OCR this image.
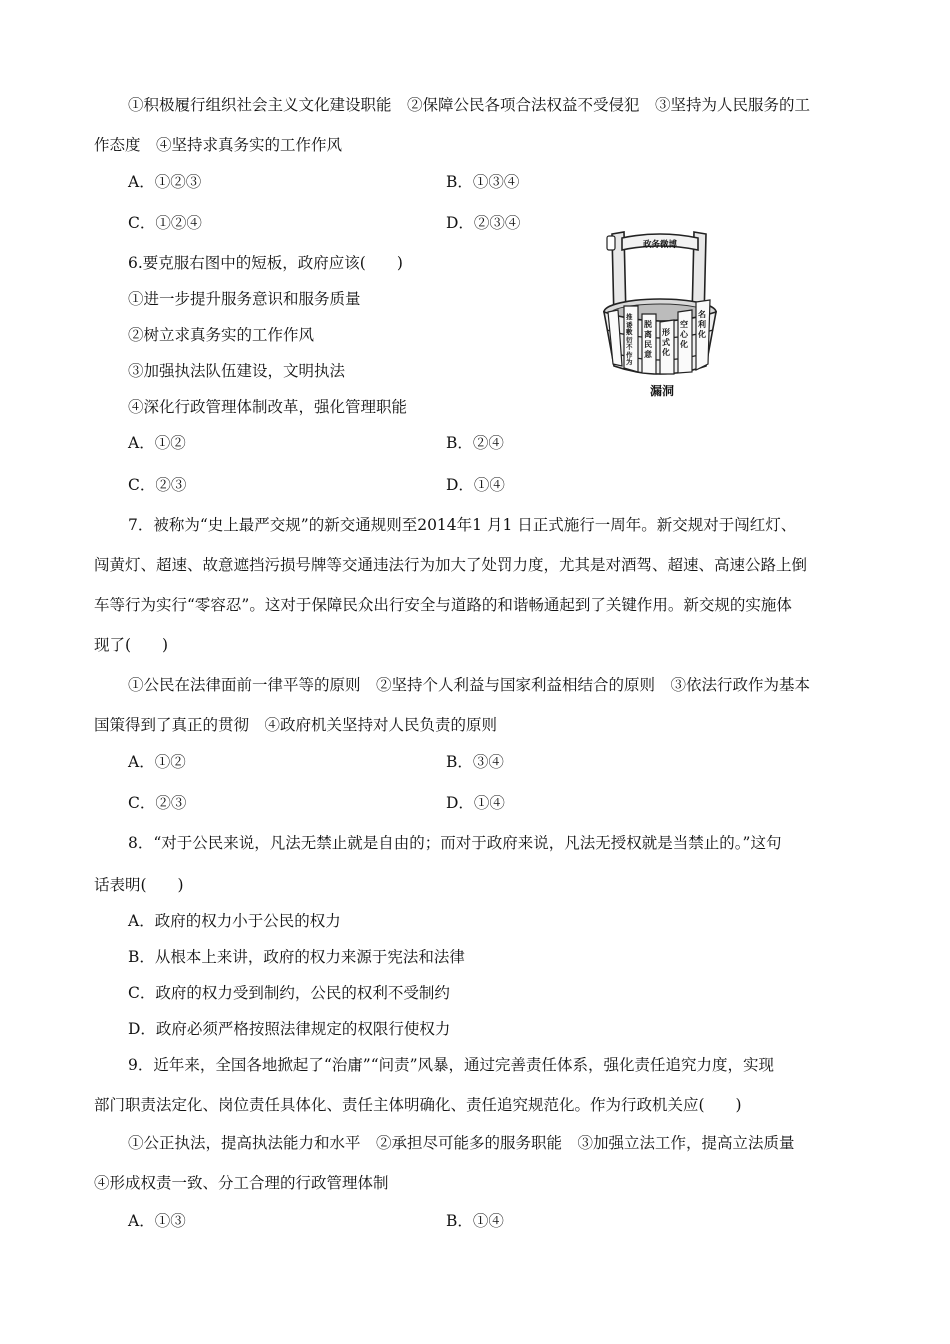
①积极履行组织社会主义文化建设职能　②保障公民各项合法权益不受侵犯　③坚持为人民服务的工
作态度　④坚持求真务实的工作作风
A．①②③	B．①③④
C．①②④	D．②③④
6.要克服右图中的短板，政府应该(　　)
①进一步提升服务意识和服务质量
②树立求真务实的工作作风
③加强执法队伍建设，文明执法
④深化行政管理体制改革，强化管理职能
A．①②	B．②④
C．②③	D．①④
政务微博
推诿敷衍不作为
脱离民意
形式化
空心化
名利化
漏洞
7．被称为“史上最严交规”的新交通规则至2014年1 月1 日正式施行一周年。新交规对于闯红灯、
闯黄灯、超速、故意遮挡污损号牌等交通违法行为加大了处罚力度，尤其是对酒驾、超速、高速公路上倒
车等行为实行“零容忍”。这对于保障民众出行安全与道路的和谐畅通起到了关键作用。新交规的实施体
现了(　　)
①公民在法律面前一律平等的原则　②坚持个人利益与国家利益相结合的原则　③依法行政作为基本
国策得到了真正的贯彻　④政府机关坚持对人民负责的原则
A．①②	B．③④
C．②③	D．①④
8．“对于公民来说，凡法无禁止就是自由的；而对于政府来说，凡法无授权就是当禁止的。”这句
话表明(　　)
A．政府的权力小于公民的权力
B．从根本上来讲，政府的权力来源于宪法和法律
C．政府的权力受到制约，公民的权利不受制约
D．政府必须严格按照法律规定的权限行使权力
9．近年来，全国各地掀起了“治庸”“问责”风暴，通过完善责任体系，强化责任追究力度，实现
部门职责法定化、岗位责任具体化、责任主体明确化、责任追究规范化。作为行政机关应(　　)
①公正执法，提高执法能力和水平　②承担尽可能多的服务职能　③加强立法工作，提高立法质量
④形成权责一致、分工合理的行政管理体制
A．①③	B．①④
